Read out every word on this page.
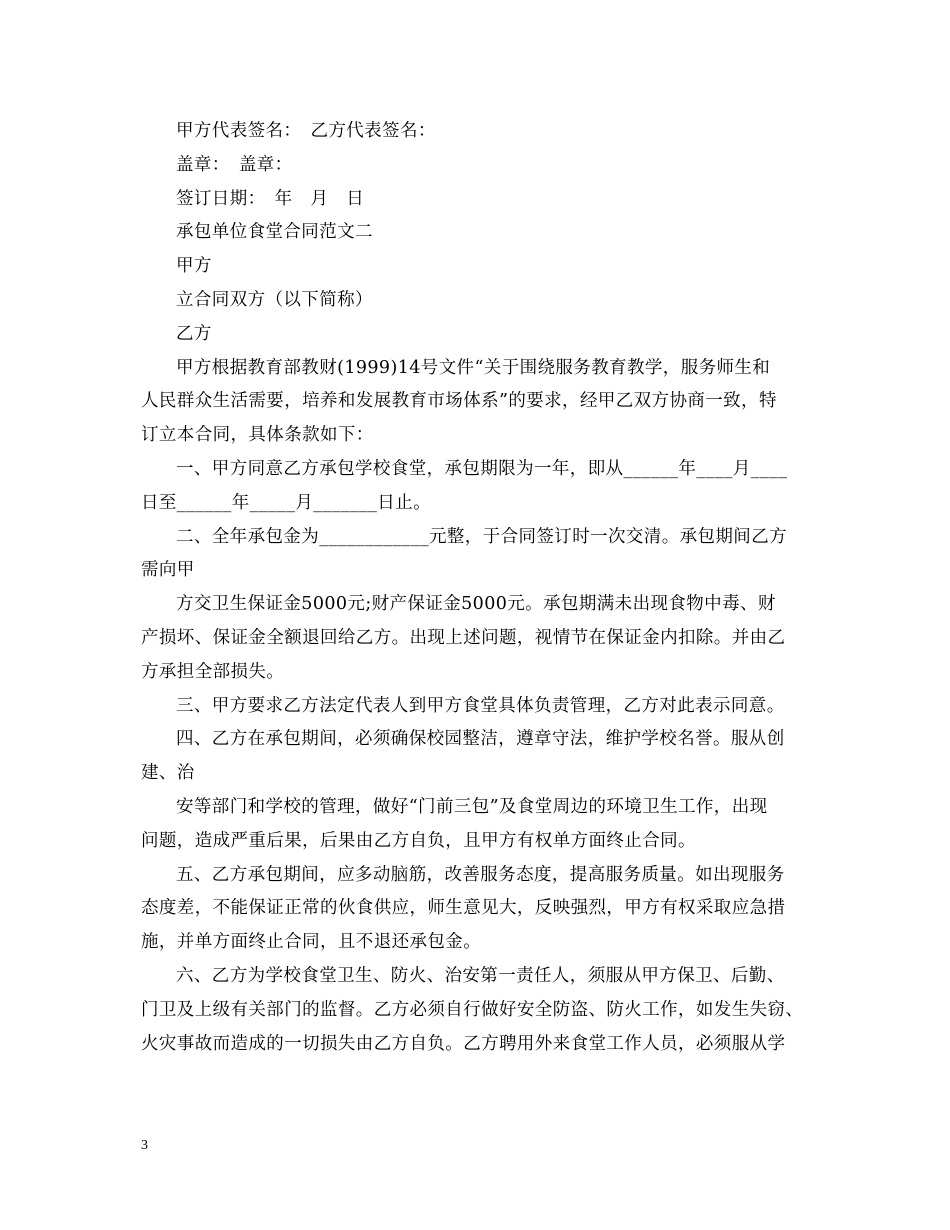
甲方代表签名：　乙方代表签名：
盖章：　盖章：
签订日期：　年　月　日
承包单位食堂合同范文二
甲方
立合同双方（以下简称）
乙方
甲方根据教育部教财(1999)14号文件“关于围绕服务教育教学，服务师生和
人民群众生活需要，培养和发展教育市场体系”的要求，经甲乙双方协商一致，特
订立本合同，具体条款如下：
一、甲方同意乙方承包学校食堂，承包期限为一年，即从______年____月____
日至______年_____月_______日止。
二、全年承包金为____________元整，于合同签订时一次交清。承包期间乙方
需向甲
方交卫生保证金5000元;财产保证金5000元。承包期满未出现食物中毒、财
产损坏、保证金全额退回给乙方。出现上述问题，视情节在保证金内扣除。并由乙
方承担全部损失。
三、甲方要求乙方法定代表人到甲方食堂具体负责管理，乙方对此表示同意。
四、乙方在承包期间，必须确保校园整洁，遵章守法，维护学校名誉。服从创
建、治
安等部门和学校的管理，做好“门前三包”及食堂周边的环境卫生工作，出现
问题，造成严重后果，后果由乙方自负，且甲方有权单方面终止合同。
五、乙方承包期间，应多动脑筋，改善服务态度，提高服务质量。如出现服务
态度差，不能保证正常的伙食供应，师生意见大，反映强烈，甲方有权采取应急措
施，并单方面终止合同，且不退还承包金。
六、乙方为学校食堂卫生、防火、治安第一责任人，须服从甲方保卫、后勤、
门卫及上级有关部门的监督。乙方必须自行做好安全防盗、防火工作，如发生失窃、
火灾事故而造成的一切损失由乙方自负。乙方聘用外来食堂工作人员，必须服从学
3
